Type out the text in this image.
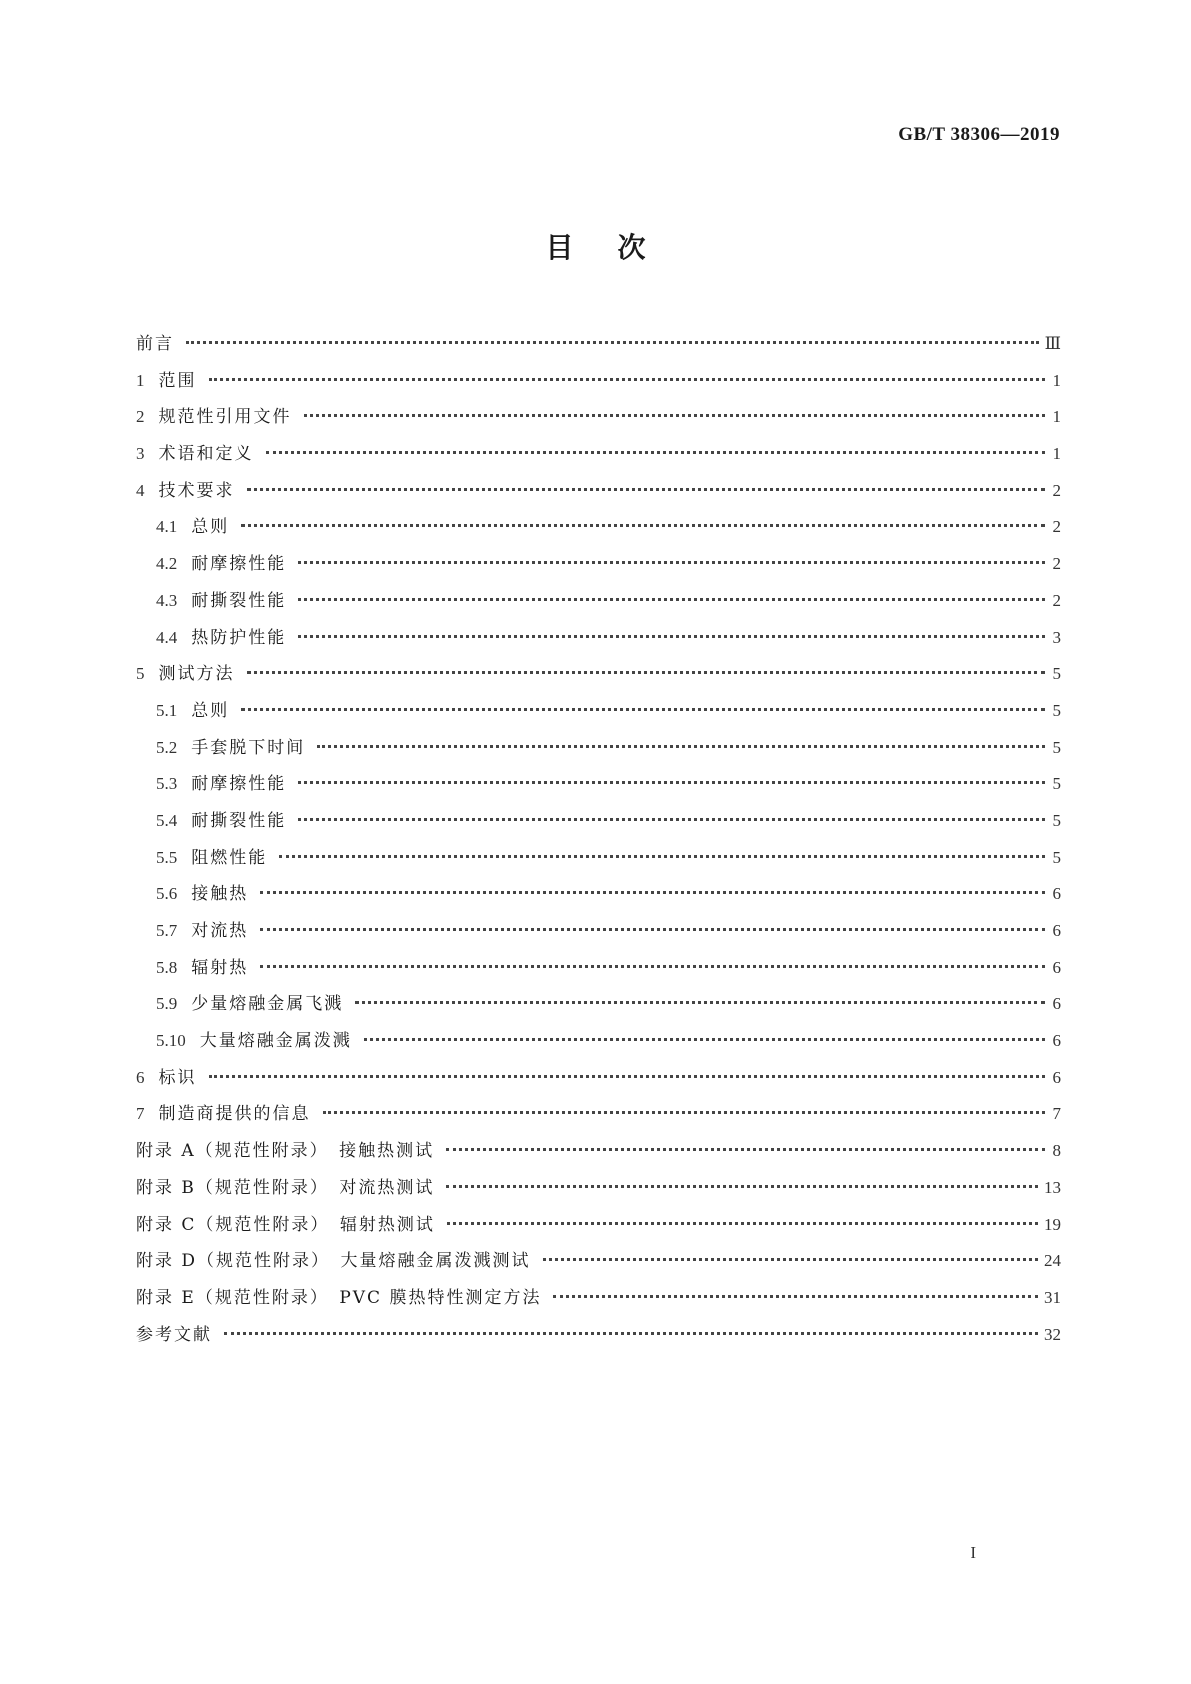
GB/T 38306—2019
目次
前言	Ⅲ
1 范围	1
2 规范性引用文件	1
3 术语和定义	1
4 技术要求	2
4.1 总则	2
4.2 耐摩擦性能	2
4.3 耐撕裂性能	2
4.4 热防护性能	3
5 测试方法	5
5.1 总则	5
5.2 手套脱下时间	5
5.3 耐摩擦性能	5
5.4 耐撕裂性能	5
5.5 阻燃性能	5
5.6 接触热	6
5.7 对流热	6
5.8 辐射热	6
5.9 少量熔融金属飞溅	6
5.10 大量熔融金属泼溅	6
6 标识	6
7 制造商提供的信息	7
附录 A（规范性附录）　接触热测试	8
附录 B（规范性附录）　对流热测试	13
附录 C（规范性附录）　辐射热测试	19
附录 D（规范性附录）　大量熔融金属泼溅测试	24
附录 E（规范性附录）　PVC 膜热特性测定方法	31
参考文献	32
I
